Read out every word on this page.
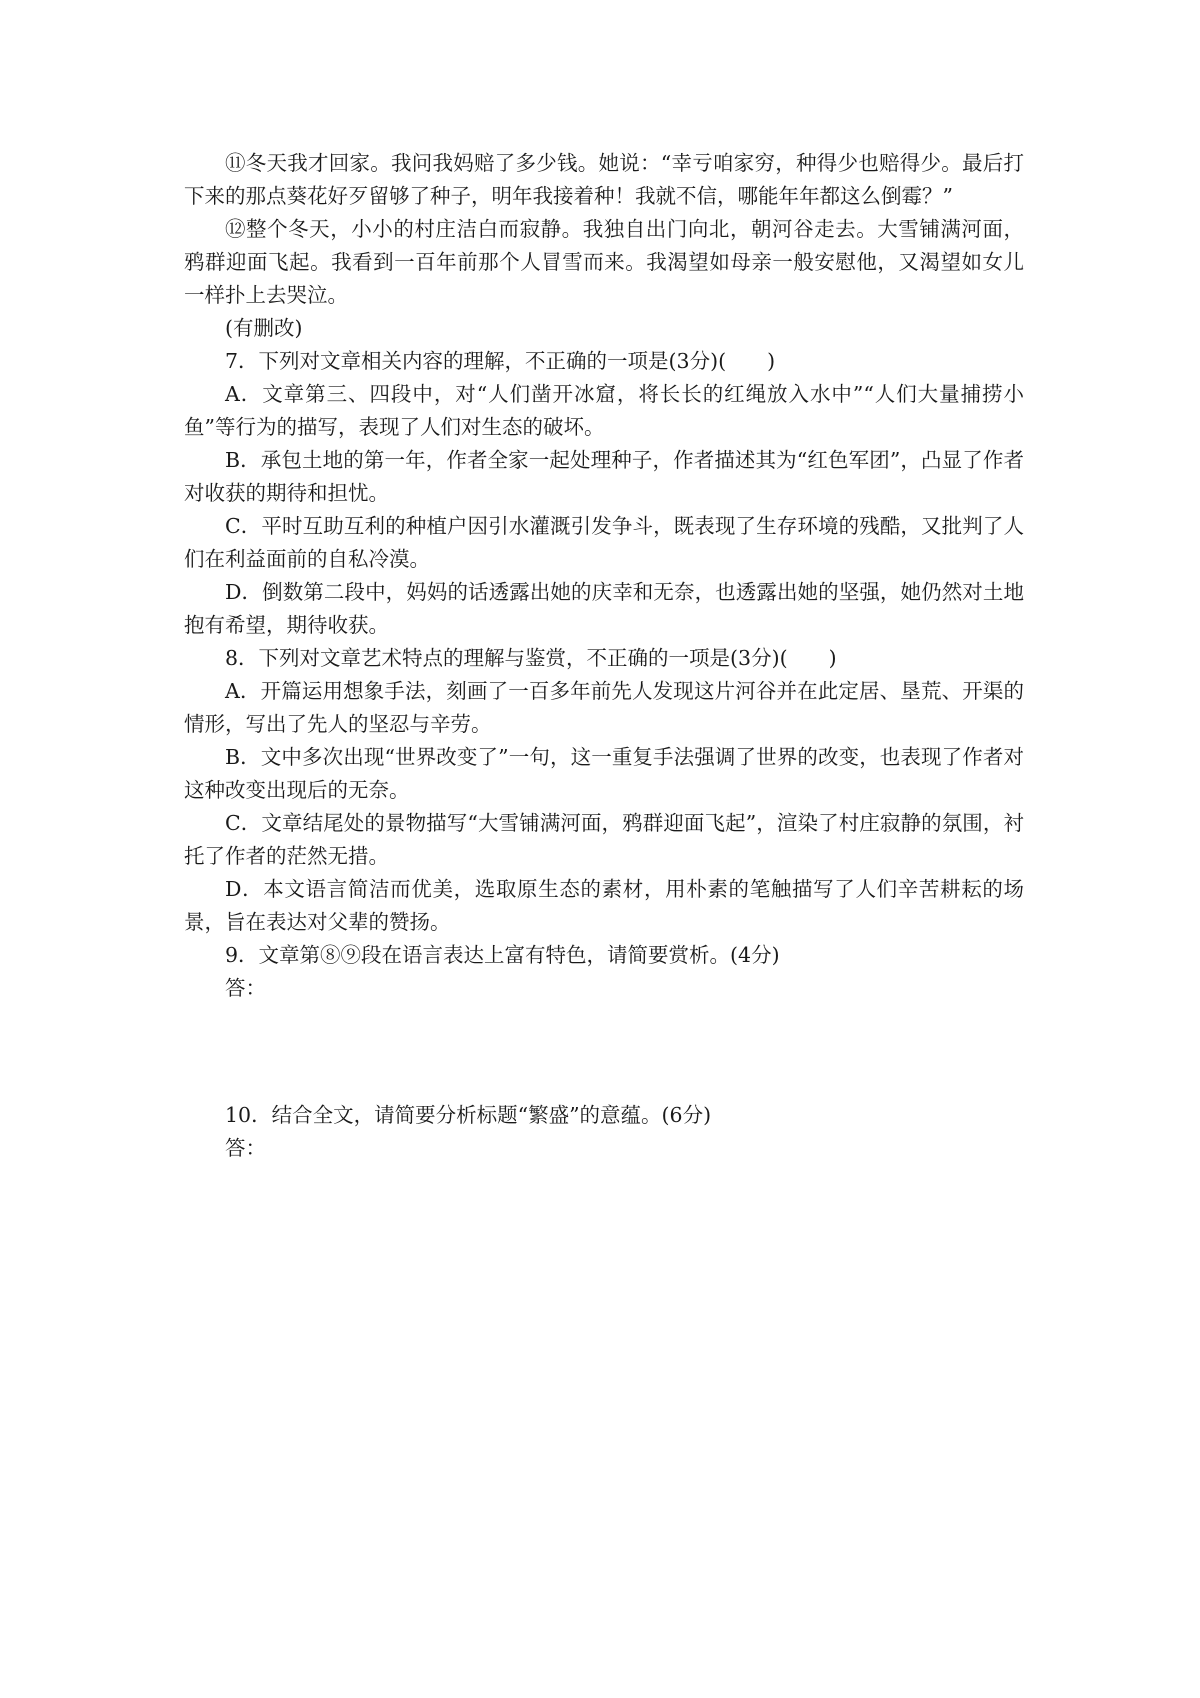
⑪冬天我才回家。我问我妈赔了多少钱。她说：“幸亏咱家穷，种得少也赔得少。最后打下来的那点葵花好歹留够了种子，明年我接着种！我就不信，哪能年年都这么倒霉？”

⑫整个冬天，小小的村庄洁白而寂静。我独自出门向北，朝河谷走去。大雪铺满河面，鸦群迎面飞起。我看到一百年前那个人冒雪而来。我渴望如母亲一般安慰他，又渴望如女儿一样扑上去哭泣。

(有删改)

7．下列对文章相关内容的理解，不正确的一项是(3分)(　　)

A．文章第三、四段中，对“人们凿开冰窟，将长长的红绳放入水中”“人们大量捕捞小鱼”等行为的描写，表现了人们对生态的破坏。

B．承包土地的第一年，作者全家一起处理种子，作者描述其为“红色军团”，凸显了作者对收获的期待和担忧。

C．平时互助互利的种植户因引水灌溉引发争斗，既表现了生存环境的残酷，又批判了人们在利益面前的自私冷漠。

D．倒数第二段中，妈妈的话透露出她的庆幸和无奈，也透露出她的坚强，她仍然对土地抱有希望，期待收获。

8．下列对文章艺术特点的理解与鉴赏，不正确的一项是(3分)(　　)

A．开篇运用想象手法，刻画了一百多年前先人发现这片河谷并在此定居、垦荒、开渠的情形，写出了先人的坚忍与辛劳。

B．文中多次出现“世界改变了”一句，这一重复手法强调了世界的改变，也表现了作者对这种改变出现后的无奈。

C．文章结尾处的景物描写“大雪铺满河面，鸦群迎面飞起”，渲染了村庄寂静的氛围，衬托了作者的茫然无措。

D．本文语言简洁而优美，选取原生态的素材，用朴素的笔触描写了人们辛苦耕耘的场景，旨在表达对父辈的赞扬。

9．文章第⑧⑨段在语言表达上富有特色，请简要赏析。(4分)

答：

10．结合全文，请简要分析标题“繁盛”的意蕴。(6分)

答：
